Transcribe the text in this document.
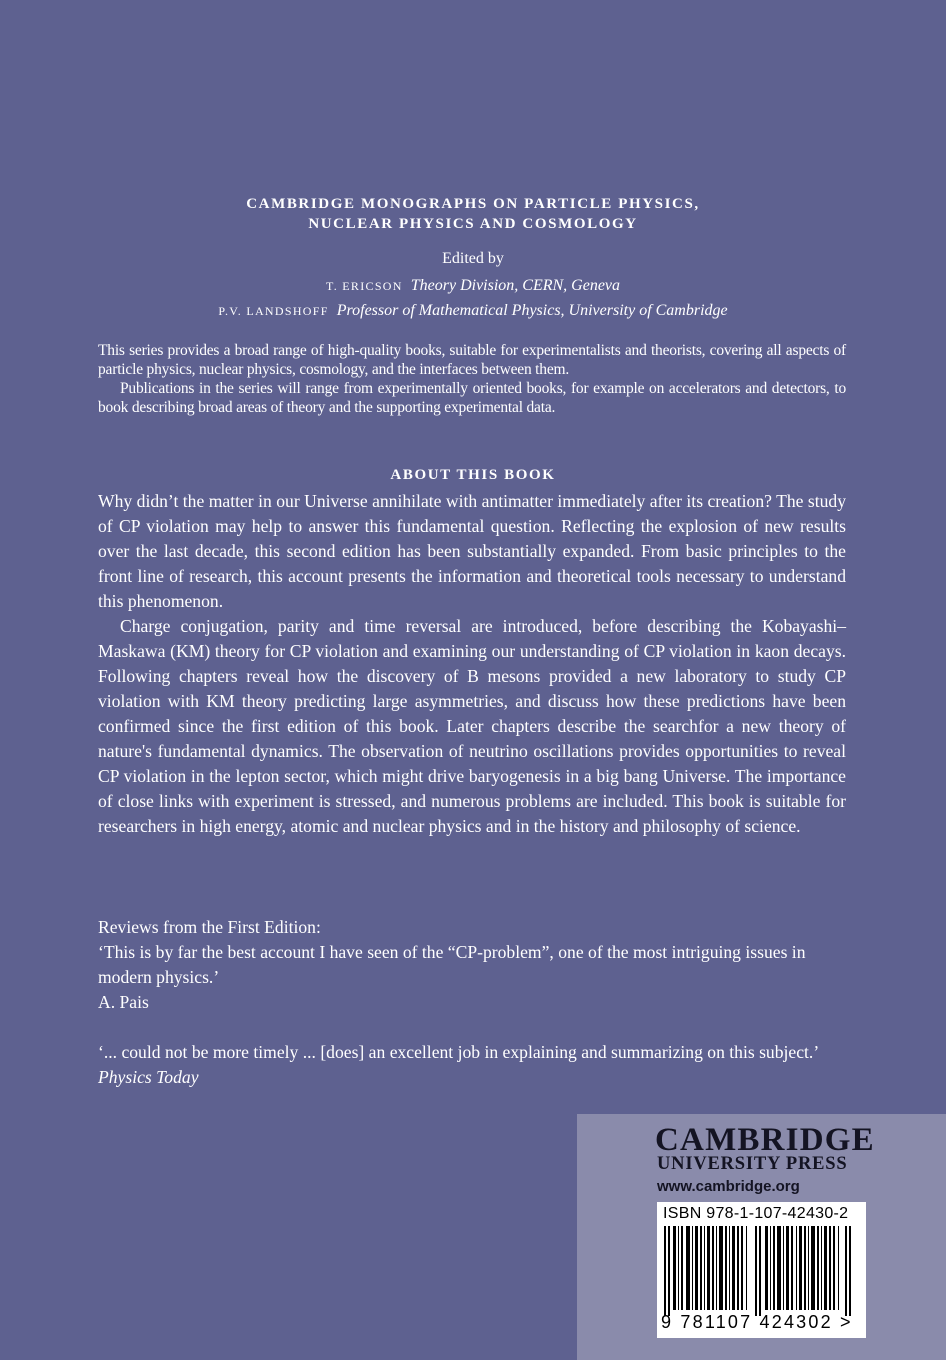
CAMBRIDGE MONOGRAPHS ON PARTICLE PHYSICS,
NUCLEAR PHYSICS AND COSMOLOGY
Edited by
T. ERICSON Theory Division, CERN, Geneva
P.V. LANDSHOFF Professor of Mathematical Physics, University of Cambridge

This series provides a broad range of high-quality books, suitable for experimentalists and theorists, covering all aspects of particle physics, nuclear physics, cosmology, and the interfaces between them.

Publications in the series will range from experimentally oriented books, for example on accelerators and detectors, to book describing broad areas of theory and the supporting experimental data.

ABOUT THIS BOOK

Why didn’t the matter in our Universe annihilate with antimatter immediately after its creation? The study of CP violation may help to answer this fundamental question. Reflecting the explosion of new results over the last decade, this second edition has been substantially expanded. From basic principles to the front line of research, this account presents the information and theoretical tools necessary to understand this phenomenon.

Charge conjugation, parity and time reversal are introduced, before describing the Kobayashi–Maskawa (KM) theory for CP violation and examining our understanding of CP violation in kaon decays. Following chapters reveal how the discovery of B mesons provided a new laboratory to study CP violation with KM theory predicting large asymmetries, and discuss how these predictions have been confirmed since the first edition of this book. Later chapters describe the searchfor a new theory of nature's fundamental dynamics. The observation of neutrino oscillations provides opportunities to reveal CP violation in the lepton sector, which might drive baryogenesis in a big bang Universe. The importance of close links with experiment is stressed, and numerous problems are included. This book is suitable for researchers in high energy, atomic and nuclear physics and in the history and philosophy of science.

Reviews from the First Edition:

‘This is by far the best account I have seen of the “CP-problem”, one of the most intriguing issues in modern physics.’

A. Pais

‘... could not be more timely ... [does] an excellent job in explaining and summarizing on this subject.’

Physics Today

CAMBRIDGE
UNIVERSITY PRESS
www.cambridge.org
ISBN 978-1-107-42430-2
9 781107 424302 >
